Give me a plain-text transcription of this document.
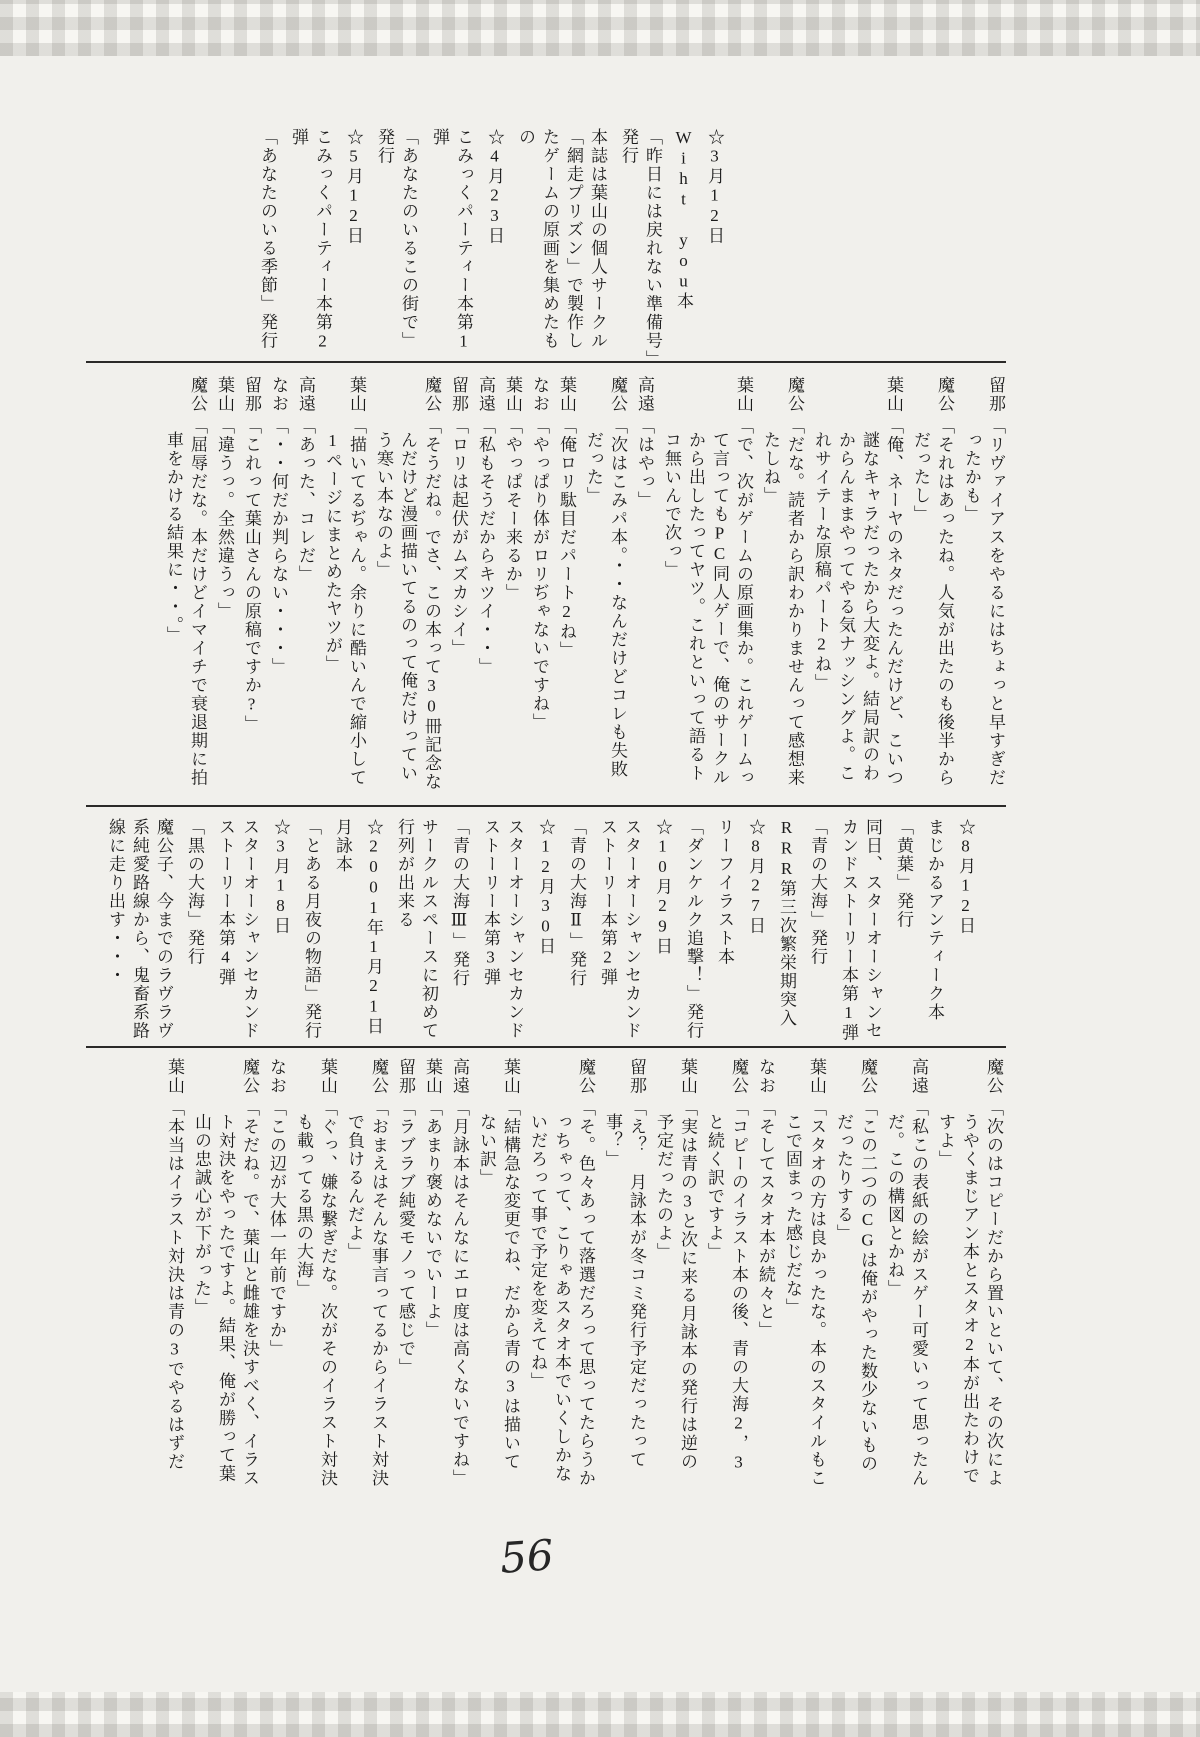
☆3月12日

Wiht you本

「昨日には戻れない準備号」発行

本誌は葉山の個人サークル「網走プリズン」で製作したゲームの原画を集めたもの

☆4月23日

こみっくパーティー本第1弾

「あなたのいるこの街で」発行

☆5月12日

こみっくパーティー本第2弾

「あなたのいる季節」発行

留那「リヴァイアスをやるにはちょっと早すぎだったかも」

魔公「それはあったね。人気が出たのも後半からだったし」

葉山「俺、ネーヤのネタだったんだけど、こいつ謎なキャラだったから大変よ。結局訳のわからんままやってやる気ナッシングよ。これサイテーな原稿パート2ね」

魔公「だな。読者から訳わかりませんって感想来たしね」

葉山「で、次がゲームの原画集か。これゲームって言ってもPC同人ゲーで、俺のサークルから出したってヤツ。これといって語るトコ無いんで次っ」

高遠「はやっ」

魔公「次はこみパ本。・・なんだけどコレも失敗だった」

葉山「俺ロリ駄目だパート2ね」

なお「やっぱり体がロリぢゃないですね」

葉山「やっぱそー来るか」

高遠「私もそうだからキツイ・・」

留那「ロリは起伏がムズカシイ」

魔公「そうだね。でさ、この本って30冊記念なんだけど漫画描いてるのって俺だけっていう寒い本なのよ」

葉山「描いてるぢゃん。余りに酷いんで縮小して1ページにまとめたヤツが」

高遠「あった、コレだ」

なお「・・何だか判らない・・・」

留那「これって葉山さんの原稿ですか?」

葉山「違うっ。全然違うっ」

魔公「屈辱だな。本だけどイマイチで衰退期に拍車をかける結果に・・。」

☆8月12日

まじかるアンティーク本

「黄葉」発行

同日、スターオーシャンセカンドストーリー本第1弾

「青の大海」発行

RRR第三次繁栄期突入

☆8月27日

リーフイラスト本

「ダンケルク追撃！」発行

☆10月29日

スターオーシャンセカンドストーリー本第2弾

「青の大海Ⅱ」発行

☆12月30日

スターオーシャンセカンドストーリー本第3弾

「青の大海Ⅲ」発行

サークルスペースに初めて行列が出来る

☆2001年1月21日

月詠本

「とある月夜の物語」発行

☆3月18日

スターオーシャンセカンドストーリー本第4弾

「黒の大海」発行

魔公子、今までのラヴラヴ系純愛路線から、鬼畜系路線に走り出す・・・

魔公「次のはコピーだから置いといて、その次にようやくまじアン本とスタオ2本が出たわけですよ」

高遠「私この表紙の絵がスゲー可愛いって思ったんだ。この構図とかね」

魔公「この二つのCGは俺がやった数少ないものだったりする」

葉山「スタオの方は良かったな。本のスタイルもここで固まった感じだな」

なお「そしてスタオ本が続々と」

魔公「コピーのイラスト本の後、青の大海2，3と続く訳ですよ」

葉山「実は青の3と次に来る月詠本の発行は逆の予定だったのよ」

留那「え？　月詠本が冬コミ発行予定だったって事？」

魔公「そ。色々あって落選だろって思ってたらうかっちゃって、こりゃあスタオ本でいくしかないだろって事で予定を変えてね」

葉山「結構急な変更でね、だから青の3は描いてない訳」

高遠「月詠本はそんなにエロ度は高くないですね」

葉山「あまり褒めないでいーよ」

留那「ラブラブ純愛モノって感じで」

魔公「おまえはそんな事言ってるからイラスト対決で負けるんだよ」

葉山「ぐっ、嫌な繋ぎだな。次がそのイラスト対決も載ってる黒の大海」

なお「この辺が大体一年前ですか」

魔公「そだね。で、葉山と雌雄を決すべく、イラスト対決をやったですよ。結果、俺が勝って葉山の忠誠心が下がった」

葉山「本当はイラスト対決は青の3でやるはずだ

56
